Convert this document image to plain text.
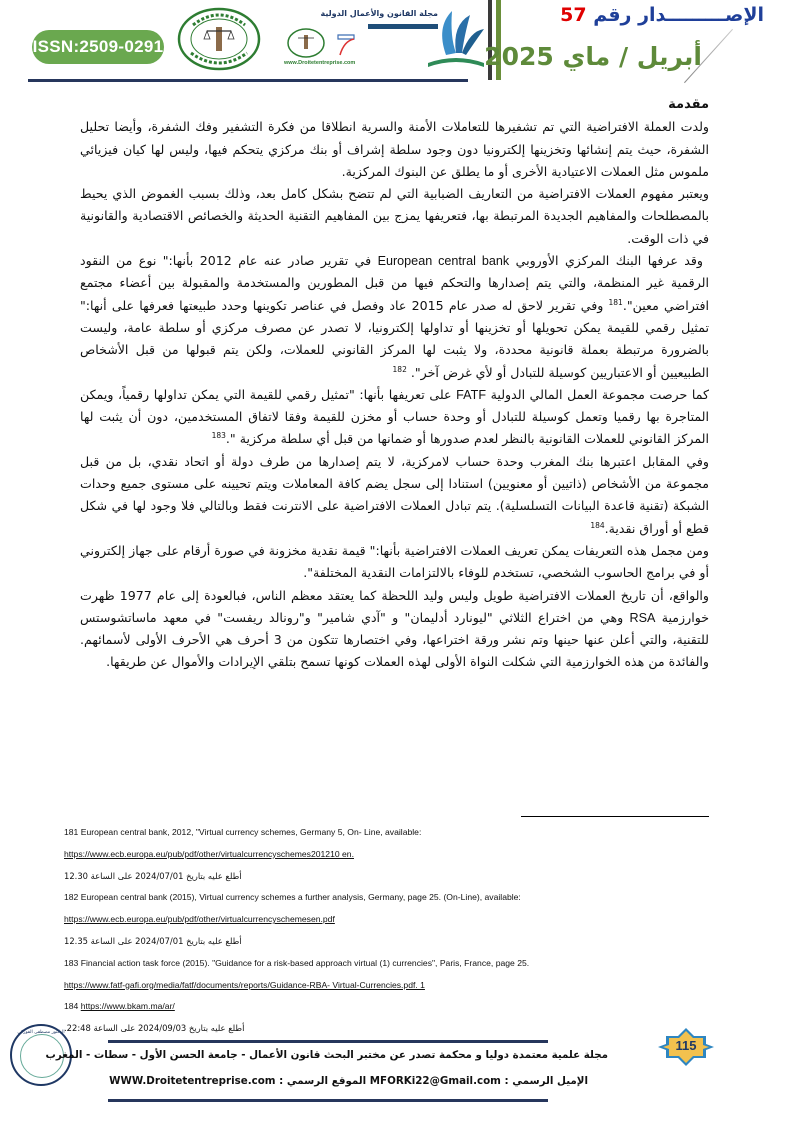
ISSN:2509-0291
مجلة القانون والأعمال الدولية
www.Droitetentreprise.com
الإصـــــــــدار رقم 57
أبريل / ماي 2025

مقدمة

ولدت العملة الافتراضية التي تم تشفيرها للتعاملات الأمنة والسرية انطلاقا من فكرة التشفير وفك الشفرة، وأيضا تحليل الشفرة، حيث يتم إنشائها وتخزينها إلكترونيا دون وجود سلطة إشراف أو بنك مركزي يتحكم فيها، وليس لها كيان فيزيائي ملموس مثل العملات الاعتيادية الأخرى أو ما يطلق عن البنوك المركزية.

ويعتبر مفهوم العملات الافتراضية من التعاريف الضبابية التي لم تتضح بشكل كامل بعد، وذلك بسبب الغموض الذي يحيط بالمصطلحات والمفاهيم الجديدة المرتبطة بها، فتعريفها يمزج بين المفاهيم التقنية الحديثة والخصائص الاقتصادية والقانونية في ذات الوقت.

وقد عرفها البنك المركزي الأوروبي European central bank في تقرير صادر عنه عام 2012 بأنها:" نوع من النقود الرقمية غير المنظمة، والتي يتم إصدارها والتحكم فيها من قبل المطورين والمستخدمة والمقبولة بين أعضاء مجتمع افتراضي معين".$^{181}$ وفي تقرير لاحق له صدر عام 2015 عاد وفصل في عناصر تكوينها وحدد طبيعتها فعرفها على أنها:" تمثيل رقمي للقيمة يمكن تحويلها أو تخزينها أو تداولها إلكترونيا، لا تصدر عن مصرف مركزي أو سلطة عامة، وليست بالضرورة مرتبطة بعملة قانونية محددة، ولا يثبت لها المركز القانوني للعملات، ولكن يتم قبولها من قبل الأشخاص الطبيعيين أو الاعتباريين كوسيلة للتبادل أو لأي غرض آخر". $^{182}$

كما حرصت مجموعة العمل المالي الدولية FATF على تعريفها بأنها: "تمثيل رقمي للقيمة التي يمكن تداولها رقمياً، ويمكن المتاجرة بها رقميا وتعمل كوسيلة للتبادل أو وحدة حساب أو مخزن للقيمة وفقا لاتفاق المستخدمين، دون أن يثبت لها المركز القانوني للعملات القانونية بالنظر لعدم صدورها أو ضمانها من قبل أي سلطة مركزية ".$^{183}$

وفي المقابل اعتبرها بنك المغرب وحدة حساب لامركزية، لا يتم إصدارها من طرف دولة أو اتحاد نقدي، بل من قبل مجموعة من الأشخاص (ذاتيين أو معنويين) استنادا إلى سجل يضم كافة المعاملات ويتم تحيينه على مستوى جميع وحدات الشبكة (تقنية قاعدة البيانات التسلسلية). يتم تبادل العملات الافتراضية على الانترنت فقط وبالتالي فلا وجود لها في شكل قطع أو أوراق نقدية.$^{184}$

ومن مجمل هذه التعريفات يمكن تعريف العملات الافتراضية بأنها:" قيمة نقدية مخزونة في صورة أرقام على جهاز إلكتروني أو في برامج الحاسوب الشخصي، تستخدم للوفاء بالالتزامات النقدية المختلفة".

والواقع، أن تاريخ العملات الافتراضية طويل وليس وليد اللحظة كما يعتقد معظم الناس، فبالعودة إلى عام 1977 ظهرت خوارزمية RSA وهي من اختراع الثلاثي "ليونارد أدليمان" و "آدي شامير" و"رونالد ريفست" في معهد ماساتشوستس للتقنية، والتي أعلن عنها حينها وتم نشر ورقة اختراعها، وفي اختصارها تتكون من 3 أحرف هي الأحرف الأولى لأسمائهم. والفائدة من هذه الخوارزمية التي شكلت النواة الأولى لهذه العملات كونها تسمح بتلقي الإيرادات والأموال عن طريقها.

181 European central bank, 2012, "Virtual currency schemes, Germany 5, On- Line, available:
https://www.ecb.europa.eu/pub/pdf/other/virtualcurrencyschemes201210 en.
أطلع عليه بتاريخ 2024/07/01 على الساعة 12.30
182 European central bank (2015), Virtual currency schemes a further analysis, Germany, page 25. (On-Line), available:
https://www.ecb.europa.eu/pub/pdf/other/virtualcurrencyschemesen.pdf
أطلع عليه بتاريخ 2024/07/01 على الساعة 12.35
183 Financial action task force (2015). "Guidance for a risk-based approach virtual (1) currencies", Paris, France, page 25.
https://www.fatf-gafi.org/media/fatf/documents/reports/Guidance-RBA- Virtual-Currencies.pdf. 1
184 https://www.bkam.ma/ar/
أطلع عليه بتاريخ 2024/09/03 على الساعة 22:48.
الدكتور مصطفى الفوركي
مجلة علمية معتمدة دوليا و محكمة تصدر عن مختبر البحث قانون الأعمال - جامعة الحسن الأول - سطات - المغرب
الإميل الرسمي : MFORKi22@Gmail.com الموقع الرسمي : WWW.Droitetentreprise.com
115
